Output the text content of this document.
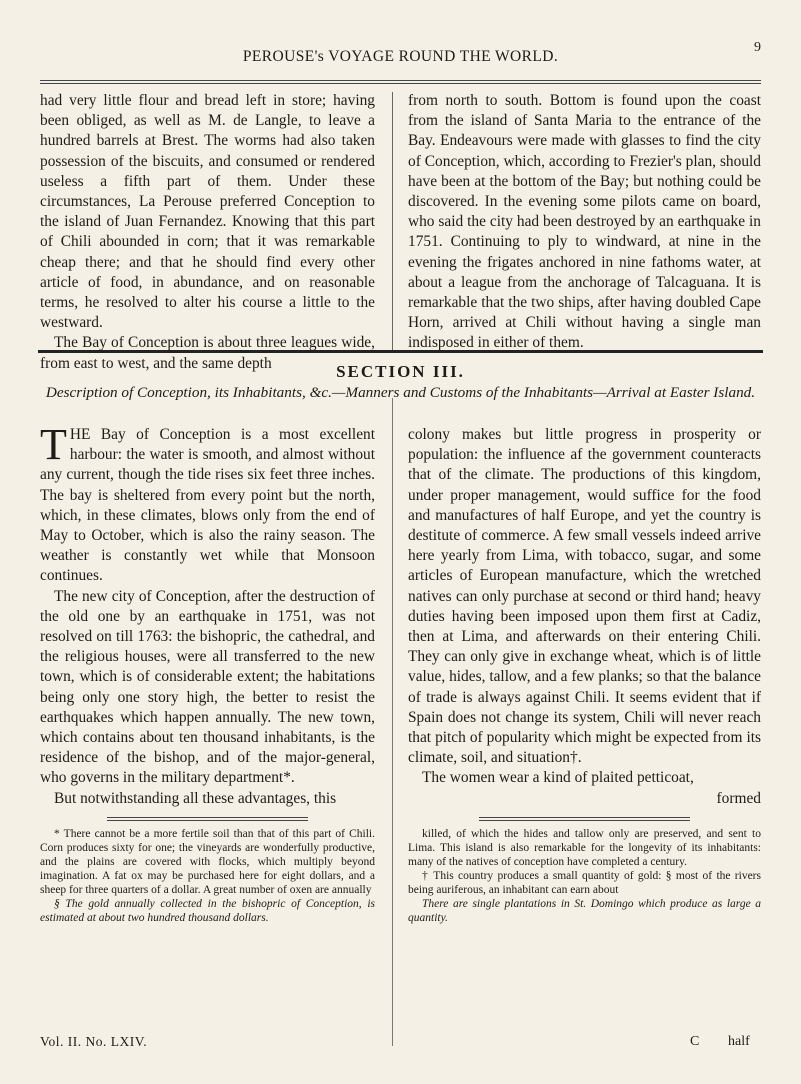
PEROUSE's VOYAGE ROUND THE WORLD.
9

had very little flour and bread left in store; having been obliged, as well as M. de Langle, to leave a hundred barrels at Brest. The worms had also taken possession of the biscuits, and consumed or rendered useless a fifth part of them. Under these circumstances, La Perouse preferred Conception to the island of Juan Fernandez. Knowing that this part of Chili abounded in corn; that it was remarkable cheap there; and that he should find every other article of food, in abundance, and on reasonable terms, he resolved to alter his course a little to the westward.

The Bay of Conception is about three leagues wide, from east to west, and the same depth

from north to south. Bottom is found upon the coast from the island of Santa Maria to the entrance of the Bay. Endeavours were made with glasses to find the city of Conception, which, according to Frezier's plan, should have been at the bottom of the Bay; but nothing could be discovered. In the evening some pilots came on board, who said the city had been destroyed by an earthquake in 1751. Continuing to ply to windward, at nine in the evening the frigates anchored in nine fathoms water, at about a league from the anchorage of Talcaguana. It is remarkable that the two ships, after having doubled Cape Horn, arrived at Chili without having a single man indisposed in either of them.

SECTION III.
Description of Conception, its Inhabitants, &c.—Manners and Customs of the Inhabitants—Arrival at Easter Island.

THE Bay of Conception is a most excellent harbour: the water is smooth, and almost without any current, though the tide rises six feet three inches. The bay is sheltered from every point but the north, which, in these climates, blows only from the end of May to October, which is also the rainy season. The weather is constantly wet while that Monsoon continues.

The new city of Conception, after the destruction of the old one by an earthquake in 1751, was not resolved on till 1763: the bishopric, the cathedral, and the religious houses, were all transferred to the new town, which is of considerable extent; the habitations being only one story high, the better to resist the earthquakes which happen annually. The new town, which contains about ten thousand inhabitants, is the residence of the bishop, and of the major-general, who governs in the military department*.

But notwithstanding all these advantages, this

* There cannot be a more fertile soil than that of this part of Chili. Corn produces sixty for one; the vineyards are wonderfully productive, and the plains are covered with flocks, which multiply beyond imagination. A fat ox may be purchased here for eight dollars, and a sheep for three quarters of a dollar. A great number of oxen are annually

§ The gold annually collected in the bishopric of Conception, is estimated at about two hundred thousand dollars.

colony makes but little progress in prosperity or population: the influence af the government counteracts that of the climate. The productions of this kingdom, under proper management, would suffice for the food and manufactures of half Europe, and yet the country is destitute of commerce. A few small vessels indeed arrive here yearly from Lima, with tobacco, sugar, and some articles of European manufacture, which the wretched natives can only purchase at second or third hand; heavy duties having been imposed upon them first at Cadiz, then at Lima, and afterwards on their entering Chili. They can only give in exchange wheat, which is of little value, hides, tallow, and a few planks; so that the balance of trade is always against Chili. It seems evident that if Spain does not change its system, Chili will never reach that pitch of popularity which might be expected from its climate, soil, and situation†.

The women wear a kind of plaited petticoat,

formed

killed, of which the hides and tallow only are preserved, and sent to Lima. This island is also remarkable for the longevity of its inhabitants: many of the natives of conception have completed a century.

† This country produces a small quantity of gold: § most of the rivers being auriferous, an inhabitant can earn about

There are single plantations in St. Domingo which produce as large a quantity.

Vol. II. No. LXIV.	C half
